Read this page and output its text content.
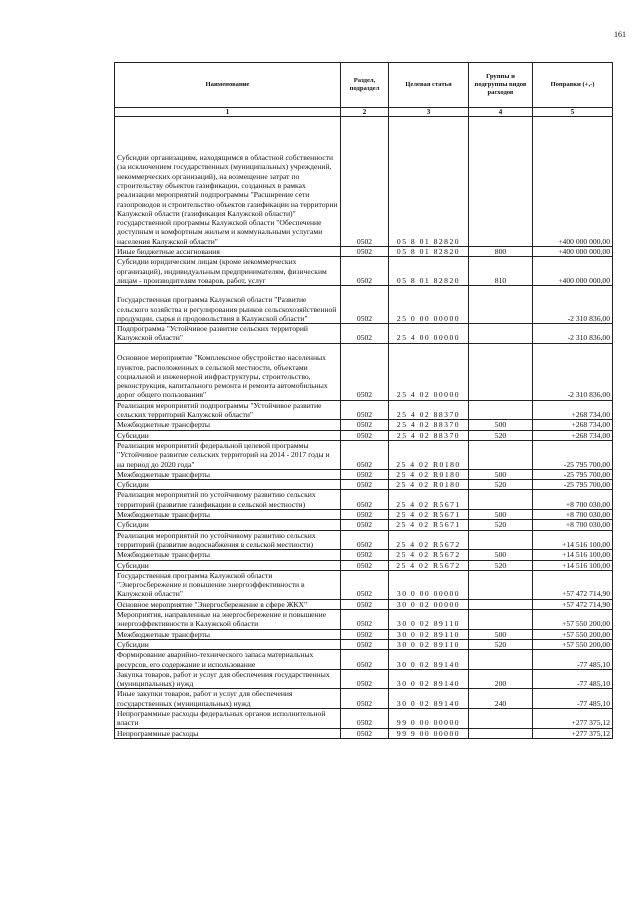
161
Наименование	Раздел, подраздел	Целевая статья	Группы и подгруппы видов расходов	Поправки (+,-)
1	2	3	4	5
Субсидии организациям, находящимся в областной собственности (за исключением государственных (муниципальных) учреждений, некоммерческих организаций), на возмещение затрат по строительству объектов газификации, созданных в рамках реализации мероприятий подпрограммы "Расширение сети газопроводов и строительство объектов газификации на территории Калужской области (газификация Калужской области)" государственной программы Калужской области "Обеспечение доступным и комфортным жильем и коммунальными услугами населения Калужской области"	0502	05 8 01 82820		+400 000 000,00
Иные бюджетные ассигнования	0502	05 8 01 82820	800	+400 000 000,00
Субсидии юридическим лицам (кроме некоммерческих организаций), индивидуальным предпринимателям, физическим лицам - производителям товаров, работ, услуг	0502	05 8 01 82820	810	+400 000 000,00
Государственная программа Калужской области "Развитие сельского хозяйства и регулирования рынков сельскохозяйственной продукции, сырья и продовольствия в Калужской области"	0502	25 0 00 00000		-2 310 836,00
Подпрограмма "Устойчивое развитие сельских территорий Калужской области"	0502	25 4 00 00000		-2 310 836,00
Основное мероприятие "Комплексное обустройство населенных пунктов, расположенных в сельской местности, объектами социальной и инженерной инфраструктуры, строительство, реконструкция, капитального ремонта и ремонта автомобильных дорог общего пользования"	0502	25 4 02 00000		-2 310 836,00
Реализация мероприятий подпрограммы "Устойчивое развитие сельских территорий Калужской области"	0502	25 4 02 88370		+268 734,00
Межбюджетные трансферты	0502	25 4 02 88370	500	+268 734,00
Субсидии	0502	25 4 02 88370	520	+268 734,00
Реализация мероприятий федеральной целевой программы "Устойчивое развитие сельских территорий на 2014 - 2017 годы и на период до 2020 года"	0502	25 4 02 R0180		-25 795 700,00
Межбюджетные трансферты	0502	25 4 02 R0180	500	-25 795 700,00
Субсидии	0502	25 4 02 R0180	520	-25 795 700,00
Реализация мероприятий по устойчивому развитию сельских территорий (развитие газификации в сельской местности)	0502	25 4 02 R5671		+8 700 030,00
Межбюджетные трансферты	0502	25 4 02 R5671	500	+8 700 030,00
Субсидии	0502	25 4 02 R5671	520	+8 700 030,00
Реализация мероприятий по устойчивому развитию сельских территорий (развитие водоснабжения в сельской местности)	0502	25 4 02 R5672		+14 516 100,00
Межбюджетные трансферты	0502	25 4 02 R5672	500	+14 516 100,00
Субсидии	0502	25 4 02 R5672	520	+14 516 100,00
Государственная программа Калужской области "Энергосбережение и повышение энергоэффективности в Калужской области"	0502	30 0 00 00000		+57 472 714,90
Основное мероприятие "Энергосбережение в сфере ЖКХ"	0502	30 0 02 00000		+57 472 714,90
Мероприятия, направленные на энергосбережение и повышение энергоэффективности в Калужской области	0502	30 0 02 89110		+57 550 200,00
Межбюджетные трансферты	0502	30 0 02 89110	500	+57 550 200,00
Субсидии	0502	30 0 02 89110	520	+57 550 200,00
Формирование аварийно-технического запаса материальных ресурсов, его содержание и использование	0502	30 0 02 89140		-77 485,10
Закупка товаров, работ и услуг для обеспечения государственных (муниципальных) нужд	0502	30 0 02 89140	200	-77 485,10
Иные закупки товаров, работ и услуг для обеспечения государственных (муниципальных) нужд	0502	30 0 02 89140	240	-77 485,10
Непрограммные расходы федеральных органов исполнительной власти	0502	99 0 00 00000		+277 375,12
Непрограммные расходы	0502	99 9 00 00000		+277 375,12
